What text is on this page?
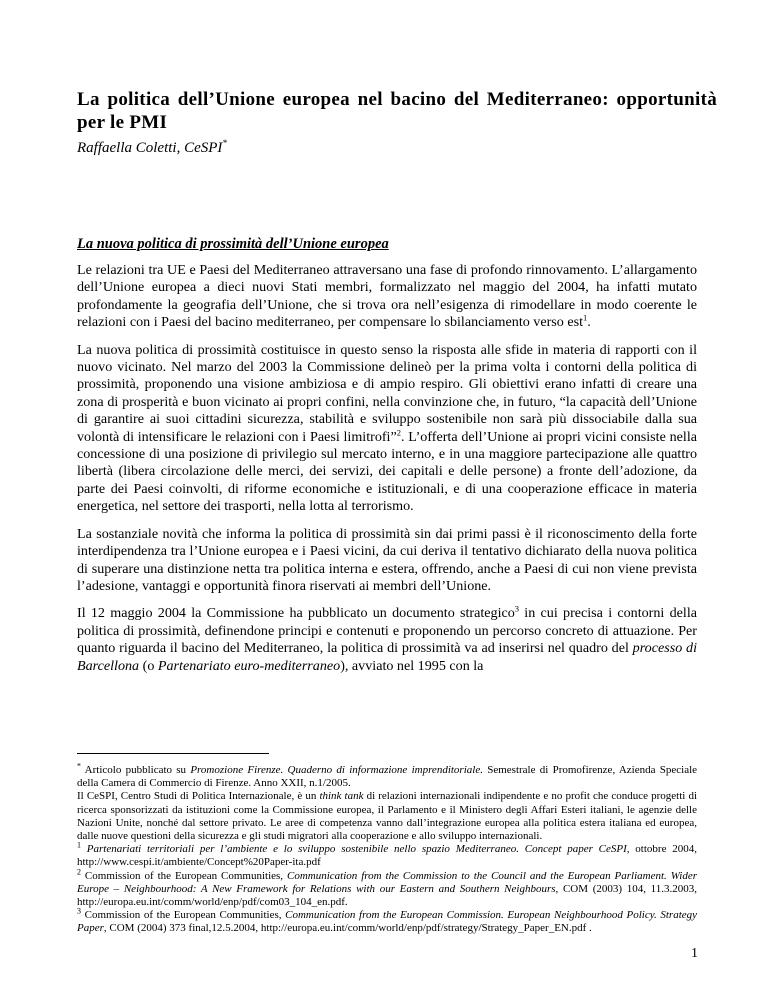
La politica dell’Unione europea nel bacino del Mediterraneo: opportunità per le PMI

Raffaella Coletti, CeSPI*

La nuova politica di prossimità dell’Unione europea

Le relazioni tra UE e Paesi del Mediterraneo attraversano una fase di profondo rinnovamento. L’allargamento dell’Unione europea a dieci nuovi Stati membri, formalizzato nel maggio del 2004, ha infatti mutato profondamente la geografia dell’Unione, che si trova ora nell’esigenza di rimodellare in modo coerente le relazioni con i Paesi del bacino mediterraneo, per compensare lo sbilanciamento verso est$^1$.

La nuova politica di prossimità costituisce in questo senso la risposta alle sfide in materia di rapporti con il nuovo vicinato. Nel marzo del 2003 la Commissione delineò per la prima volta i contorni della politica di prossimità, proponendo una visione ambiziosa e di ampio respiro. Gli obiettivi erano infatti di creare una zona di prosperità e buon vicinato ai propri confini, nella convinzione che, in futuro, “la capacità dell’Unione di garantire ai suoi cittadini sicurezza, stabilità e sviluppo sostenibile non sarà più dissociabile dalla sua volontà di intensificare le relazioni con i Paesi limitrofi”$^2$. L’offerta dell’Unione ai propri vicini consiste nella concessione di una posizione di privilegio sul mercato interno, e in una maggiore partecipazione alle quattro libertà (libera circolazione delle merci, dei servizi, dei capitali e delle persone) a fronte dell’adozione, da parte dei Paesi coinvolti, di riforme economiche e istituzionali, e di una cooperazione efficace in materia energetica, nel settore dei trasporti, nella lotta al terrorismo.

La sostanziale novità che informa la politica di prossimità sin dai primi passi è il riconoscimento della forte interdipendenza tra l’Unione europea e i Paesi vicini, da cui deriva il tentativo dichiarato della nuova politica di superare una distinzione netta tra politica interna e estera, offrendo, anche a Paesi di cui non viene prevista l’adesione, vantaggi e opportunità finora riservati ai membri dell’Unione.

Il 12 maggio 2004 la Commissione ha pubblicato un documento strategico$^3$ in cui precisa i contorni della politica di prossimità, definendone principi e contenuti e proponendo un percorso concreto di attuazione. Per quanto riguarda il bacino del Mediterraneo, la politica di prossimità va ad inserirsi nel quadro del processo di Barcellona (o Partenariato euro-mediterraneo), avviato nel 1995 con la

* Articolo pubblicato su Promozione Firenze. Quaderno di informazione imprenditoriale. Semestrale di Promofirenze, Azienda Speciale della Camera di Commercio di Firenze. Anno XXII, n.1/2005.

Il CeSPI, Centro Studi di Politica Internazionale, è un think tank di relazioni internazionali indipendente e no profit che conduce progetti di ricerca sponsorizzati da istituzioni come la Commissione europea, il Parlamento e il Ministero degli Affari Esteri italiani, le agenzie delle Nazioni Unite, nonché dal settore privato. Le aree di competenza vanno dall’integrazione europea alla politica estera italiana ed europea, dalle nuove questioni della sicurezza e gli studi migratori alla cooperazione e allo sviluppo internazionali.

$^1$ Partenariati territoriali per l’ambiente e lo sviluppo sostenibile nello spazio Mediterraneo. Concept paper CeSPI, ottobre 2004, http://www.cespi.it/ambiente/Concept%20Paper-ita.pdf

$^2$ Commission of the European Communities, Communication from the Commission to the Council and the European Parliament. Wider Europe – Neighbourhood: A New Framework for Relations with our Eastern and Southern Neighbours, COM (2003) 104, 11.3.2003, http://europa.eu.int/comm/world/enp/pdf/com03_104_en.pdf.

$^3$ Commission of the European Communities, Communication from the European Commission. European Neighbourhood Policy. Strategy Paper, COM (2004) 373 final,12.5.2004, http://europa.eu.int/comm/world/enp/pdf/strategy/Strategy_Paper_EN.pdf .

1
